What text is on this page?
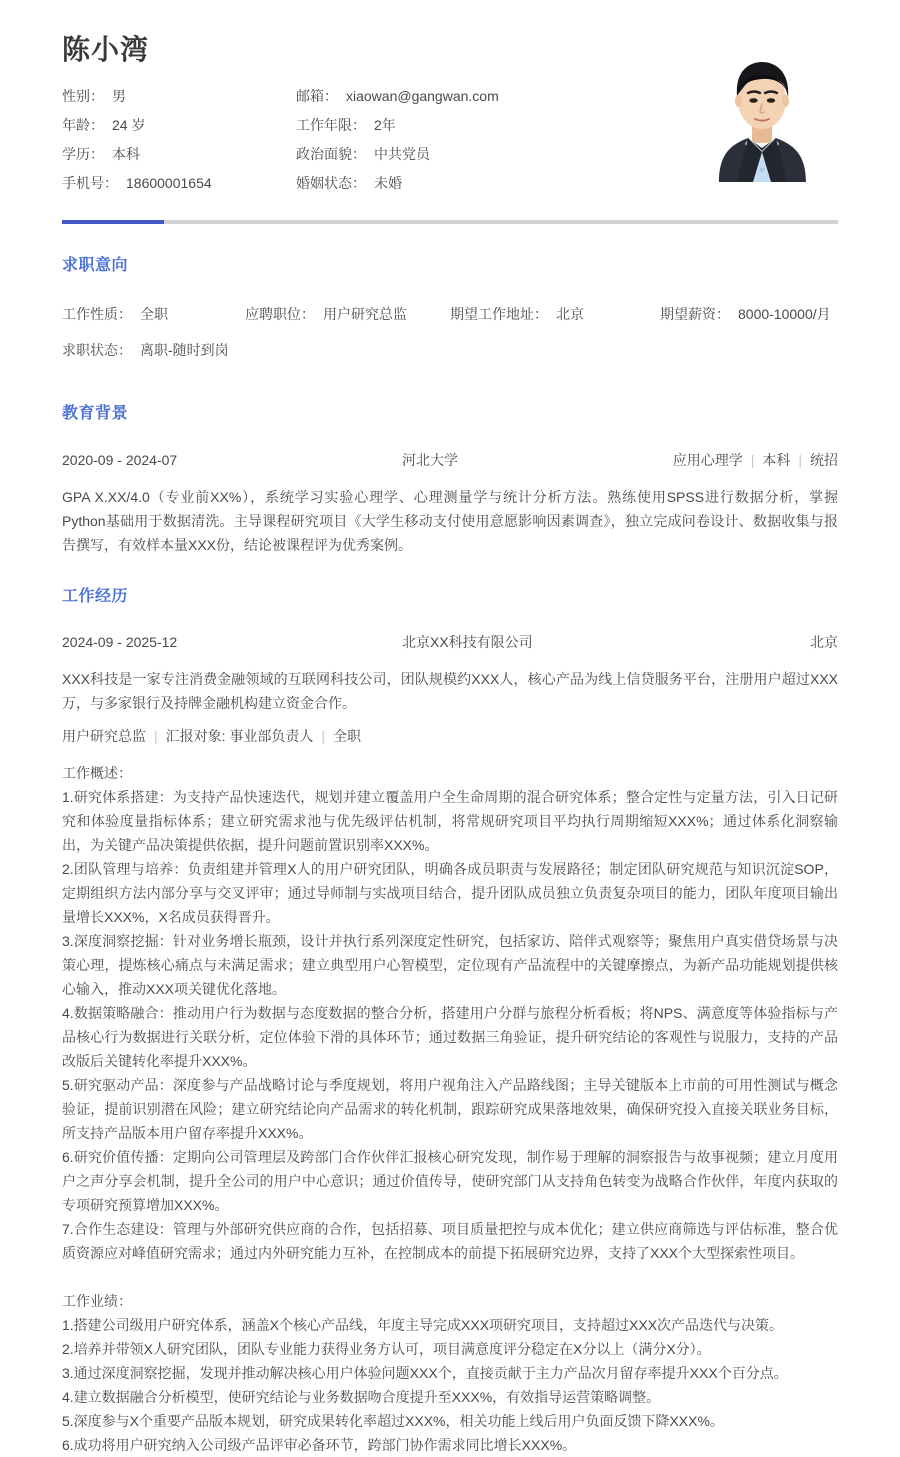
陈小湾
性别： 男	邮箱： xiaowan@gangwan.com
年龄： 24 岁	工作年限： 2年
学历： 本科	政治面貌： 中共党员
手机号： 18600001654	婚姻状态： 未婚
求职意向
工作性质： 全职	应聘职位： 用户研究总监	期望工作地址： 北京	期望薪资： 8000-10000/月
求职状态： 离职-随时到岗
教育背景
2020-09 - 2024-07	河北大学	应用心理学 | 本科 | 统招

GPA X.XX/4.0（专业前XX%），系统学习实验心理学、心理测量学与统计分析方法。熟练使用SPSS进行数据分析，掌握Python基础用于数据清洗。主导课程研究项目《大学生移动支付使用意愿影响因素调查》，独立完成问卷设计、数据收集与报告撰写，有效样本量XXX份，结论被课程评为优秀案例。

工作经历
2024-09 - 2025-12	北京XX科技有限公司	北京

XXX科技是一家专注消费金融领域的互联网科技公司，团队规模约XXX人，核心产品为线上信贷服务平台，注册用户超过XXX万，与多家银行及持牌金融机构建立资金合作。

用户研究总监 | 汇报对象: 事业部负责人 | 全职

工作概述：

1.研究体系搭建：为支持产品快速迭代，规划并建立覆盖用户全生命周期的混合研究体系；整合定性与定量方法，引入日记研究和体验度量指标体系；建立研究需求池与优先级评估机制，将常规研究项目平均执行周期缩短XXX%；通过体系化洞察输出，为关键产品决策提供依据，提升问题前置识别率XXX%。

2.团队管理与培养：负责组建并管理X人的用户研究团队，明确各成员职责与发展路径；制定团队研究规范与知识沉淀SOP，定期组织方法内部分享与交叉评审；通过导师制与实战项目结合，提升团队成员独立负责复杂项目的能力，团队年度项目输出量增长XXX%，X名成员获得晋升。

3.深度洞察挖掘：针对业务增长瓶颈，设计并执行系列深度定性研究，包括家访、陪伴式观察等；聚焦用户真实借贷场景与决策心理，提炼核心痛点与未满足需求；建立典型用户心智模型，定位现有产品流程中的关键摩擦点，为新产品功能规划提供核心输入，推动XXX项关键优化落地。

4.数据策略融合：推动用户行为数据与态度数据的整合分析，搭建用户分群与旅程分析看板；将NPS、满意度等体验指标与产品核心行为数据进行关联分析，定位体验下滑的具体环节；通过数据三角验证，提升研究结论的客观性与说服力，支持的产品改版后关键转化率提升XXX%。

5.研究驱动产品：深度参与产品战略讨论与季度规划，将用户视角注入产品路线图；主导关键版本上市前的可用性测试与概念验证，提前识别潜在风险；建立研究结论向产品需求的转化机制，跟踪研究成果落地效果，确保研究投入直接关联业务目标，所支持产品版本用户留存率提升XXX%。

6.研究价值传播：定期向公司管理层及跨部门合作伙伴汇报核心研究发现，制作易于理解的洞察报告与故事视频；建立月度用户之声分享会机制，提升全公司的用户中心意识；通过价值传导，使研究部门从支持角色转变为战略合作伙伴，年度内获取的专项研究预算增加XXX%。

7.合作生态建设：管理与外部研究供应商的合作，包括招募、项目质量把控与成本优化；建立供应商筛选与评估标准，整合优质资源应对峰值研究需求；通过内外研究能力互补，在控制成本的前提下拓展研究边界，支持了XXX个大型探索性项目。

工作业绩：

1.搭建公司级用户研究体系，涵盖X个核心产品线，年度主导完成XXX项研究项目，支持超过XXX次产品迭代与决策。

2.培养并带领X人研究团队，团队专业能力获得业务方认可，项目满意度评分稳定在X分以上（满分X分）。

3.通过深度洞察挖掘，发现并推动解决核心用户体验问题XXX个，直接贡献于主力产品次月留存率提升XXX个百分点。

4.建立数据融合分析模型，使研究结论与业务数据吻合度提升至XXX%，有效指导运营策略调整。

5.深度参与X个重要产品版本规划，研究成果转化率超过XXX%，相关功能上线后用户负面反馈下降XXX%。

6.成功将用户研究纳入公司级产品评审必备环节，跨部门协作需求同比增长XXX%。
